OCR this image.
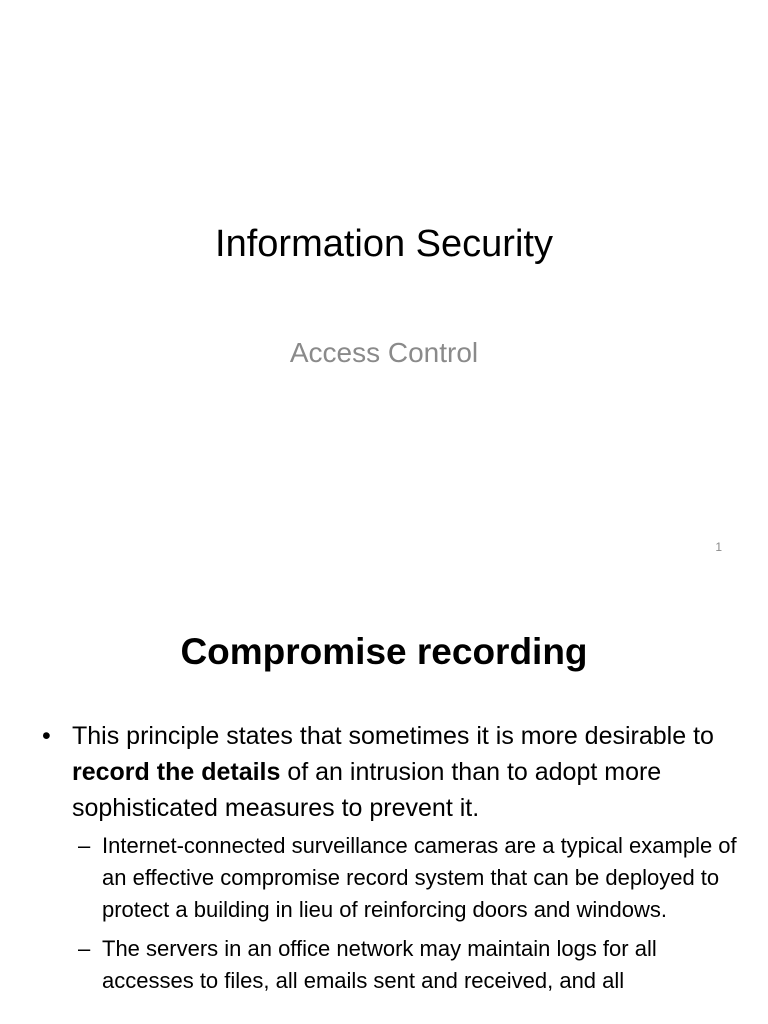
Information Security
Access Control
1
Compromise recording
• This principle states that sometimes it is more desirable to record the details of an intrusion than to adopt more sophisticated measures to prevent it.
– Internet-connected surveillance cameras are a typical example of an effective compromise record system that can be deployed to protect a building in lieu of reinforcing doors and windows.
– The servers in an office network may maintain logs for all accesses to files, all emails sent and received, and all
